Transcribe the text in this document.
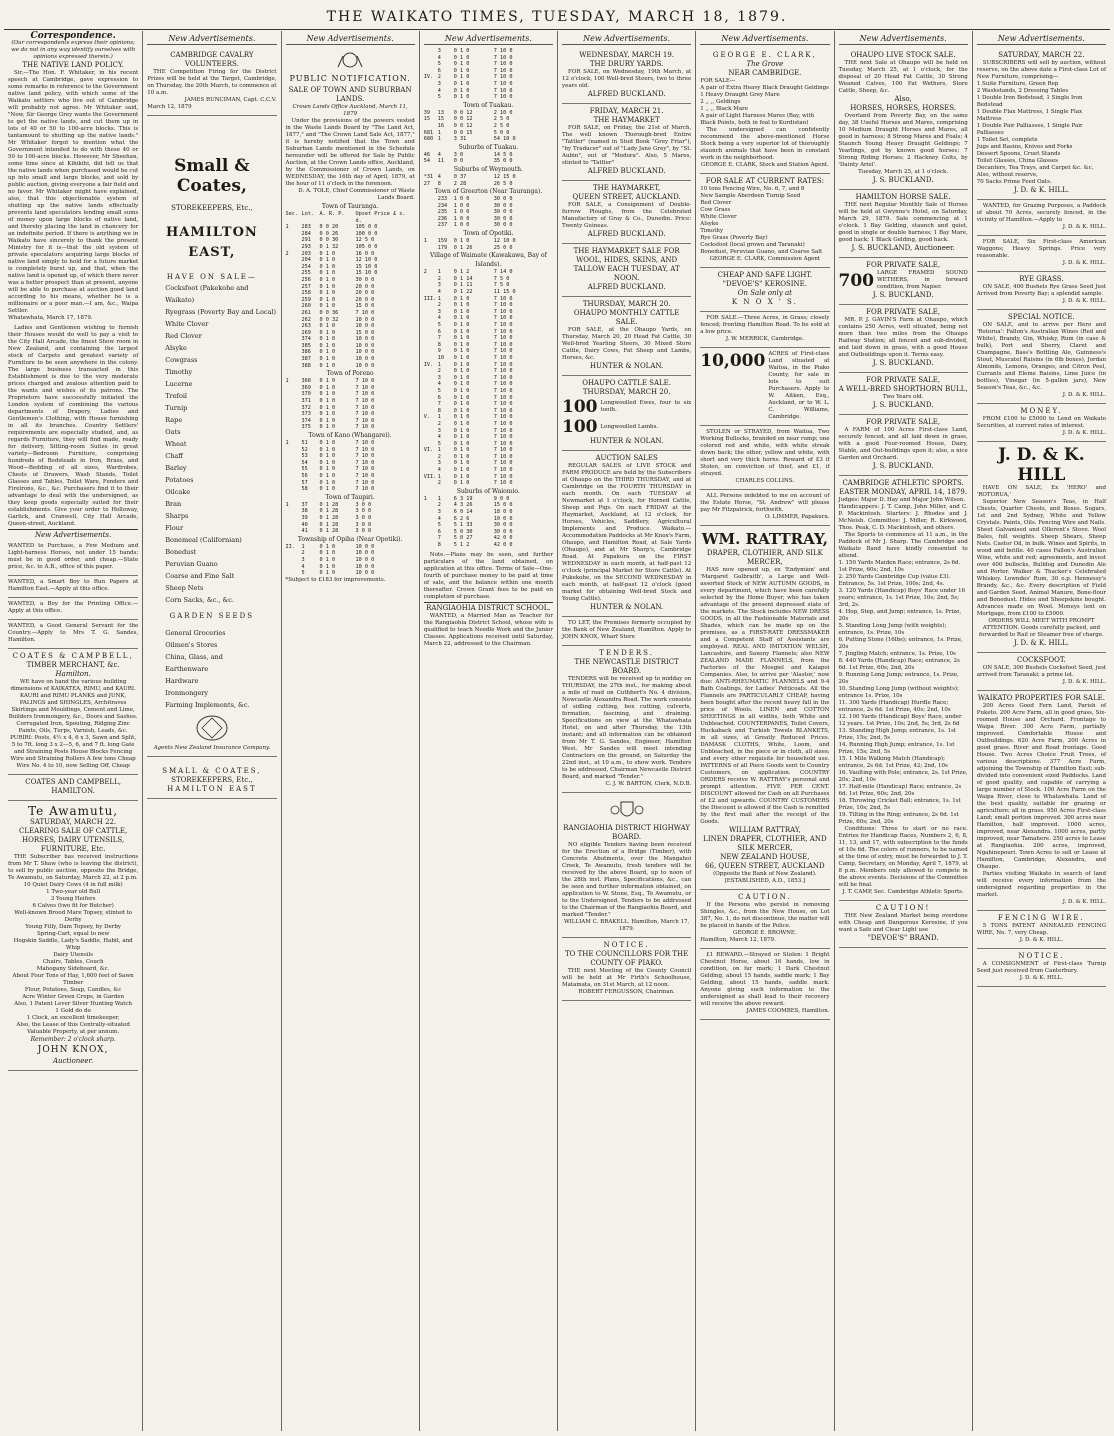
THE WAIKATO TIMES, TUESDAY, MARCH 18, 1879.
Correspondence.
(Our correspondents express their opinions; we do not in any way identify ourselves with opinions expressed therein.)
THE NATIVE LAND POLICY.
Sir,—The Hon. F. Whitaker, in his recent speech at Cambridge, gave expression to some remarks in reference to the Government native land policy, with which some of the Waikato settlers who live out of Cambridge will probably not agree. Mr Whitaker said, "Now, Sir George Grey wants the Government to get the native lands, and cut them up in lots of 40 or 50 to 100-acre blocks. This is tantamount to shutting up the native lands." Mr Whitaker forgot to mention what the Government intended to do with these 40 or 50 to 100-acre blocks. However, Mr Sheehan, some time since at Kihikihi, did tell us that the native lands when purchased would be cut up into small and large blocks, and sold by public auction, giving everyone a fair field and no favor. Mr Whitaker might have explained, also, that this objectionable system of shutting up the native lands effectually prevents land speculators lending small sums of money upon large blocks of native land, and thereby placing the land in chancery for an indefinite period. If there is anything we in Waikato have sincerely to thank the present Ministry for it is—that the old system of private speculators acquiring large blocks of native land simply to hold for a future market is completely burst up, and that, when the native land is opened up, of which there never was a better prospect than at present, anyone will be able to purchase at auction good land according to his means, whether he is a millionaire or a poor man.—I am, &c., Waipa Settler.
Whatawhata, March 17, 1879.
Ladies and Gentlemen wishing to furnish their Houses would do well to pay a visit to the City Hall Arcade, the finest Show room in New Zealand, and containing the largest stock of Carpets and greatest variety of Furniture to be seen anywhere in the colony. The large business transacted in this Establishment is due to the very moderate prices charged and zealous attention paid to the wants and wishes of its patrons. The Proprietors have successfully initiated the London system of combining the various departments of Drapery, Ladies and Gentlemen's Clothing, with House furnishing in all its branches. Country Settlers' requirements are especially studied, and, as regards Furniture, they will find made, ready for delivery, Sitting-room Suites in great variety—Bedroom Furniture, comprising hundreds of Bedsteads in Iron, Brass, and Wood—Bedding of all sizes, Wardrobes, Chests of Drawers, Wash Stands, Toilet Glasses and Tables, Toilet Ware, Fenders and Firelrons, &c., &c. Purchasers find it to their advantage to deal with the undersigned, as they keep goods especially suited for their establishments. Give your order to Holloway, Garlick, and Cranwell, City Hall Arcade, Queen-street, Auckland.
New Advertisements.
WANTED to Purchase, a Few Medium and Light-harness Horses, not under 15 hands; must be in good order, and cheap.—State price, &c. to A.B., office of this paper.
WANTED, a Smart Boy to Run Papers at Hamilton East.—Apply at this office.
WANTED, a Boy for the Printing Office.—Apply at this office.
WANTED, a Good General Servant for the Country.—Apply to Mrs T. G. Sandes, Hamilton.
COATES & CAMPBELL,
TIMBER MERCHANT, &c.
Hamilton.
WE have on hand the various building dimensions of KAIKATEA, RIMU, and KAURI. KAURI and RIMU PLANKS and JUNK, PALINGS and SHINGLES, Architraves Skirtings and Mouldings, Cement and Lime, Builders Ironmongery, &c., Doors and Sashes. Corrugated Iron, Spouting, Ridging Zinc Paints, Oils, Turps, Varnish, Leads, &c. PURIRI: Posts, 4½ x 4, 6 x 3, Sawn and Split, 5 to 7ft. long 3 x 2—5, 6, and 7 ft. long Gate and Straining Posts House Blocks Fencing Wire and Straining Rollers A few tons Cheap Wire No. 4 to 10, now Selling Off, Cheap
COATES AND CAMPBELL, HAMILTON.
Te Awamutu,
SATURDAY, MARCH 22.
CLEARING SALE OF CATTLE, HORSES, DAIRY UTENSILS, FURNITURE, Etc.
THE Subscriber has received instructions from Mr T. Shaw (who is leaving the district), to sell by public auction, opposite the Bridge, Te Awamutu, on Saturday, March 22, at 2 p.m.
10 Quiet Dairy Cows (4 in full milk)
1 Two-year old Bull
3 Young Heifers
6 Calves (two fit for Butcher)
Well-known Brood Mare Topsey, stinted to Derby
Young Filly, Dam Topsey, by Derby
Spring-Cart, equal to new
Hogskin Saddle, Lady's Saddle, Habit, and Whip
Dairy Utensils
Chairs, Tables, Couch
Mahogany Sideboard, &c.
About Four Tons of Hay, 1,600 feet of Sawn Timber
Flour, Potatoes, Soap, Candles, &c
Acre Winter Green Crops, in Garden
Also, 1 Patent Lever Silver Hunting Watch
1 Gold do do
1 Clock, an excellent timekeeper,
Also, the Lease of this Centrally-situated Valuable Property, at per annum.
Remember: 2 o'clock sharp.
JOHN KNOX,
Auctioneer.
New Advertisements.
CAMBRIDGE CAVALRY VOLUNTEERS.
THE Competition Firing for the District Prizes will be held at the Target, Cambridge, on Thursday, the 20th March, to commence at 10 a.m.
JAMES RUNCIMAN, Capt. C.C.V.
March 12, 1879
Small & Coates,
STOREKEEPERS, Etc.,
HAMILTON EAST,
HAVE ON SALE—
Cocksfoot (Pakekohe and Waikato)
Ryegrass (Poverty Bay and Local)
White Clover
Red Clover
Alsyke
Cowgrass
Timothy
Lucerne
Trefoil
Turnip
Rape
Oats
Wheat
Chaff
Barley
Potatoes
Oilcake
Bran
Sharps
Flour
Bonemeal (Californian)
Bonedust
Peruvian Guano
Coarse and Fine Salt
Sheep Nets
Corn Sacks, &c., &c.
GARDEN SEEDS
General Groceries
Oilmen's Stores
China, Glass, and
Earthenware
Hardware
Ironmongery
Farming Implements, &c.
Agents New Zealand Insurance Company.
SMALL & COATES,
STOREKEEPERS, Etc.,
HAMILTON EAST
New Advertisements.
PUBLIC NOTIFICATION.
SALE OF TOWN AND SUBURBAN LANDS.
Crown Lands Office Auckland, March 11, 1879
Under the provisions of the powers vested in the Waste Lands Board by "The Land Act, 1877," and "The Crown Land Sale Act, 1877," it is hereby notified that the Town and Suburban Lands mentioned in the Schedule hereunder will be offered for Sale by Public Auction, at the Crown Lands office, Auckland, by the Commissioner of Crown Lands, on WEDNESDAY, the 16th day of April, 1879, at the hour of 11 o'clock in the forenoon.
D. A. TOLE, Chief Commissioner of Waste Lands Board.
Town of Tauranga.
Sec. Lot.	A. R. P.	Upset Price £ s. d.
1	283	0 0 20	105 0 0
284	0 0 26	100 0 0
291	0 0 30	12 5 0
293	0 1 32	105 0 0
2	203	0 1 0	16 0 0
204	0 1 0	12 10 0
254	0 1 0	15 10 0
255	0 1 0	15 10 0
256	0 1 0	30 0 0
257	0 1 0	20 0 0
258	0 1 0	20 0 0
259	0 1 0	20 0 0
260	0 1 0	15 0 0
261	0 0 36	7 10 0
262	0 0 32	10 0 0
263	0 1 0	10 0 0
269	0 1 0	15 0 0
374	0 1 0	10 0 0
385	0 1 0	10 0 0
386	0 1 0	10 0 0
387	0 1 0	10 0 0
388	0 1 0	10 0 0
Town of Poreno
1	368	0 1 0	7 10 0
369	0 1 0	7 10 0
370	0 1 0	7 10 0
371	0 1 0	7 10 0
372	0 1 0	7 10 0
373	0 1 0	7 10 0
374	0 1 0	7 10 0
375	0 1 0	7 10 0
Town of Kano (Whangarei).
1	51	0 1 0	7 10 0
52	0 1 0	7 10 0
53	0 1 0	7 10 0
54	0 1 0	7 10 0
55	0 1 0	7 10 0
56	0 1 0	7 10 0
57	0 1 0	7 10 0
58	0 1 0	7 10 0
Town of Taupiri.
1	37	0 1 28	3 0 0
38	0 1 28	3 0 0
39	0 1 28	3 0 0
40	0 1 28	3 0 0
41	0 1 28	3 0 0
Township of Opiha (Near Opotiki).
II.	1	0 1 0	10 0 0
2	0 1 0	10 0 0
3	0 1 0	10 0 0
4	0 1 0	10 0 0
5	0 1 0	10 0 0
*Subject to £183 for improvements.
New Advertisements.
3	0 1 0	7 10 0
4	0 1 0	7 10 0
5	0 1 0	7 10 0
6	0 1 0	7 10 0
IV. 2	0 1 0	7 10 0
3	0 1 0	7 10 0
4	0 1 0	7 10 0
5	0 1 0	7 10 0
Town of Tuakau.
39	13	0 0 12	2 10 0
15	15	0 0 12	2 5 0
16	0 0 12	2 5 0
681 1	0 0 15	5 0 0
680 1	3 31	54 10 0
Suburbs of Tuakau.
46	4	3 0	14 5 0
54	11	0 0	35 0 0
Suburbs of Weymouth.
*31 4	0 37	12 15 0
27	8	2 28	26 5 0
Town of Greerton (Near Tauranga).
233	1 0 0	30 0 0
234	1 0 0	30 0 0
235	1 0 0	30 0 0
236	1 0 0	30 0 0
237	1 0 0	30 0 0
Town of Opotiki.
1	159	0 1 0	12 10 0
179	0 1 26	25 0 0
Village of Waimate (Kawakawa, Bay of Islands).
2	1	0 1 2	7 14 0
2	0 1 14	7 5 0
3	0 1 11	7 5 0
4	0 1 22	11 15 0
III. 1	0 1 0	7 10 0
2	0 1 0	7 10 0
3	0 1 0	7 10 0
4	0 1 0	7 10 0
5	0 1 0	7 10 0
6	0 1 0	7 10 0
7	0 1 0	7 10 0
8	0 1 0	7 10 0
9	0 1 0	7 10 0
10	0 1 0	7 10 0
IV. 1	0 1 0	7 10 0
2	0 1 0	7 10 0
3	0 1 0	7 10 0
4	0 1 0	7 10 0
5	0 1 0	7 10 0
6	0 1 0	7 10 0
7	0 1 0	7 10 0
8	0 1 0	7 10 0
V.	1	0 1 0	7 10 0
2	0 1 0	7 10 0
3	0 1 0	7 10 0
4	0 1 0	7 10 0
5	0 1 0	7 10 0
VI. 1	0 1 0	7 10 0
2	0 1 0	7 10 0
3	0 1 0	7 10 0
4	0 1 0	7 10 0
VII. 1	0 1 0	7 10 0
2	0 1 0	7 10 0
Suburbs of Waiomio.
1	1	6 3 19	9 0 0
2	4 3 26	15 0 0
3	6 0 14	18 0 0
4	6 2 6	10 0 0
5	5 1 33	30 0 0
6	5 0 30	30 0 0
7	5 0 27	42 0 0
8	5 1 2	42 0 0
Note.—Plans may be seen, and further particulars of the land obtained, on application at this office. Terms of Sale—One-fourth of purchase money to be paid at time of sale, and the balance within one month thereafter. Crown Grant fees to be paid on completion of purchase.
RANGIAOHIA DISTRICT SCHOOL.
WANTED, a Married Man as Teacher for the Rangiaohia District School, whose wife is qualified to teach Needle Work and the Junior Classes. Applications received until Saturday, March 22, addressed to the Chairman.
New Advertisements.
WEDNESDAY, MARCH 19.
THE DRURY YARDS.
FOR SALE, on Wednesday, 19th March, at 12 o'clock, 100 Well-bred Steers, two to three years old.
ALFRED BUCKLAND.
FRIDAY, MARCH 21.
THE HAYMARKET
FOR SALE, on Friday, the 21st of March, The well known Thorough-bred Entire "Tattler" (named in Stud Book "Grey Friar"), "by Traducer" out of "Lady Jane Grey", by "St. Aubin", out of "Medora". Also, 5 Mares, stinted to "Tattler"
ALFRED BUCKLAND.
THE HAYMARKET,
QUEEN STREET, AUCKLAND.
FOR SALE, a Consignment of Double-furrow Ploughs, from the Celebrated Manufactory of Gray & Co., Dunedin. Price: Twenty Guineas.
ALFRED BUCKLAND.
THE HAYMARKET SALE FOR WOOL, HIDES, SKINS, AND TALLOW EACH TUESDAY, AT NOON.
ALFRED BUCKLAND.
THURSDAY, MARCH 20.
OHAUPO MONTHLY CATTLE SALE.
FOR SALE, at the Ohaupo Yards, on Thursday, March 20, 20 Head Fat Cattle, 30 Well-bred Yearling Steers, 30 Mixed Store Cattle, Dairy Cows, Fat Sheep and Lambs, Horses, &c.
HUNTER & NOLAN.
OHAUPO CATTLE SALE.
THURSDAY, MARCH 20.
100 Longwoolled Ewes, four to six tooth.
100 Longwoolled Lambs.
HUNTER & NOLAN.
AUCTION SALES
REGULAR SALES of LIVE STOCK and FARM PRODUCE are held by the Subscribers at Ohaupo on the THIRD THURSDAY, and at Cambridge on the FOURTH THURSDAY in each month. On each TUESDAY at Newmarket at 1 o'clock, for Horned Cattle, Sheep and Pigs. On each FRIDAY at the Haymarket, Auckland, at 12 o'clock, for Horses, Vehicles, Saddlery, Agricultural Implements and Produce. Waikato.—Accommodation Paddocks at Mr Knox's Farm, Ohaupo, and Hamilton Road, at Sale Yards (Ohaupo), and at Mr Sharp's, Cambridge Road. At Papakura on the FIRST WEDNESDAY in each month, at half-past 12 o'clock (principal Market for Store Cattle). At Pukekohe, on the SECOND WEDNESDAY in each month, at half-past 12 o'clock (good market for obtaining Well-bred Stock and Young Cattle).
HUNTER & NOLAN.
TO LET, the Premises formerly occupied by the Bank of New Zealand, Hamilton. Apply to JOHN KNOX, Wharf Store
TENDERS.
THE NEWCASTLE DISTRICT BOARD.
TENDERS will be received up to midday on THURSDAY, the 27th inst., for making about a mile of road on Cuthbert's No. 4 division, Newcastle Alexandra Road. The work consists of sidling cutting, box cutting, culverts, formation, fascining, and draining. Specifications on view at the Whatawhata Hotel, on and after Thursday, the 13th instant; and all information can be obtained from Mr T. G. Sandes, Engineer, Hamilton West. Mr Sandes will meet intending Contractors on the ground, on Saturday the 22nd inst., at 10 a.m., to show work. Tenders to be addressed, Chairman Newcastle District Board, and marked "Tender."
C. J. W. BARTON, Clerk, N.D.B.
RANGIAOHIA DISTRICT HIGHWAY BOARD.
NO eligible Tenders having been received for the Erection of a Bridge (Timber), with Concrete Abutments, over the Mangahoi Creek, Te Awamutu, fresh tenders will be received by the above Board, up to noon of the 28th inst. Plans, Specifications, &c., can be seen and further information obtained, on application to W. Stone, Esq., Te Awamutu, or to the Undersigned. Tenders to be addressed to the Chairman of the Rangiaohia Board, and marked "Tender."
WILLIAM C. BRAKELL. Hamilton, March 17, 1879.
NOTICE.
TO THE COUNCILLORS FOR THE COUNTY OF PIAKO.
THE next Meeting of the County Council will be held at Mr Firth's Schoolhouse, Matamata, on 31st March, at 12 noon.
ROBERT FERGUSSON, Chairman.
New Advertisements.
GEORGE E. CLARK,
The Grove
NEAR CAMBRIDGE.
FOR SALE—
A pair of Extra Heavy Black Draught Geldings
1 Heavy Draught Grey Mare
2 ,, ,, Geldings
1 ,, ,, Black Mare
A pair of Light Harness Mares (Bay, with Black Points, both in foal to Kurdistan)
The undersigned can confidently recommend the above-mentioned Horse Stock being a very superior lot of thoroughly staunch animals that have been in constant work in the neighborhood.
GEORGE E. CLARK, Stock and Station Agent.
FOR SALE AT CURRENT RATES:
10 tons Fencing Wire, No. 6, 7, and 8
New Sample Aberdeen Turnip Seed
Red Clover
Cow Grass
White Clover
Alsyke
Timothy
Rye Grass (Poverty Bay)
Cocksfoot (local grown and Taranaki)
Bonedust, Peruvian Guano, and Coarse Salt
GEORGE E. CLARK, Commission Agent
CHEAP AND SAFE LIGHT.
"DEVOE'S" KEROSINE.
On Sale only at
K N O X ' S.
FOR SALE.—Three Acres, in Grass; closely fenced; fronting Hamilton Road. To be sold at a low price.
J. W. MERRICK, Cambridge.
10,000 ACRES of First-class Land situated at Waitoa, in the Piako County, for sale in lots to suit Purchasers. Apply to W. Aitken, Esq., Auckland, or to W. L. C. Williams, Cambridge.
STOLEN or STRAYED, from Waitoa, Two Working Bullocks, branded on near rump; one colored red and white, with white streak down back; the other, yellow and white, with short and very thick horns. Reward of £3 if Stolen, on conviction of thief, and £1, if strayed.
CHARLES COLLINS.
ALL Persons indebted to me on account of the Estate Horse, "St. Andrew" will please pay Mr Fitzpatrick, forthwith.
O. LIMMER, Papakura.
WM. RATTRAY,
DRAPER, CLOTHIER, AND SILK MERCER,
HAS now opened up, ex 'Endymion' and 'Margaret Galbraith', a Large and Well-assorted Stock of NEW AUTUMN GOODS, in every department, which have been carefully selected by the Home Buyer, who has taken advantage of the present depressed state of the markets. The Stock includes NEW DRESS GOODS, in all the Fashionable Materials and Shades, which can be made up on the premises, as a FIRST-RATE DRESSMAKER and a Competent Staff of Assistants are employed. REAL AND IMITATION WELSH, Lancashire, and Saxony Flannels; also NEW ZEALAND MADE FLANNELS, from the Factories of the Mosgiel and Kaiapoi Companies. Also, to arrive per 'Alastor,' now due: ANTI-RHEUMATIC FLANNELS and 9-4 Bath Coatings, for Ladies' Petticoats. All the Flannels are PARTICULARLY CHEAP, having been bought after the recent heavy fall in the price of Wools. LINEN and COTTON SHEETINGS in all widths, both White and Unbleached. COUNTERPANES, Toilet Covers, Huckaback and Turkish Towels BLANKETS, in all sizes, at Greatly Reduced Prices. DAMASK CLOTHS, White, Loom, and Unbleached, in the piece or in cloth, all sizes; and every other requisite for household use. PATTERNS of all Piece Goods sent to Country Customers, on application. COUNTRY ORDERS receive W. RATTRAY's personal and prompt attention. FIVE PER CENT. DISCOUNT allowed for Cash on all Purchases of £2 and upwards. COUNTRY CUSTOMERS the Discount is allowed if the Cash is remitted by the first mail after the receipt of the Goods.
WILLIAM RATTRAY,
LINEN DRAPER, CLOTHIER, AND SILK MERCER,
NEW ZEALAND HOUSE,
66, QUEEN STREET, AUCKLAND
(Opposite the Bank of New Zealand).
[ESTABLISHED, A.D., 1853.]
CAUTION.
If the Persons who persist in removing Shingles, &c., from the New House, on Lot 387, No. 1, do not discontinue, the matter will be placed in hands of the Police.
GEORGE E. BROWNE.
Hamilton, March 12, 1879.
£1 REWARD.—Strayed or Stolen: 1 Bright Chestnut Horse, about 16 hands, low in condition, on far mark; 1 Dark Chestnut Gelding, about 15 hands, saddle mark; 1 Bay Gelding, about 15 hands, saddle mark. Anyone giving such information to the undersigned as shall lead to their recovery will receive the above reward.
JAMES COOMBES, Hamilton.
New Advertisements.
OHAUPO LIVE STOCK SALE.
THE next Sale at Ohaupo will be held on Tuesday, March 25, at 1 o'clock, for the disposal of 20 Head Fat Cattle, 30 Strong Weaned Calves, 100 Fat Wethers, Store Cattle, Sheep, &c.
Also,
HORSES, HORSES, HORSES.
Overland from Poverty Bay, on the same day, 38 Useful Horses and Mares, comprising 10 Medium Draught Horses and Mares, all good in harness; 8 Strong Mares and Foals; 4 Staunch Young Heavy Draught Geldings; 7 Yearlings, got by known good horses; 7 Strong Riding Horses; 2 Hackney Colts, by 'Dainty Ariel'.
Tuesday, March 25, at 1 o'clock.
J. S. BUCKLAND.
HAMILTON HORSE SALE.
THE next Regular Monthly Sale of Horses will be held at Gwynne's Hotel, on Saturday, March 29, 1879. Sale commencing at 1 o'clock. 1 Bay Gelding, staunch and quiet, good in single or double harness; 1 Bay Mare, good hack; 1 Black Gelding, good hack.
J. S. BUCKLAND, Auctioneer.
FOR PRIVATE SALE,
700 LARGE FRAMED SOUND WETHERS, in forward condition, from Napier.
J. S. BUCKLAND.
FOR PRIVATE SALE,
MR. P. J. GAVIN'S Farm at Ohaupo, which contains 250 Acres, well situated, being not more than two miles from the Ohaupo Railway Station; all fenced and sub-divided, and laid down in grass, with a good House and Outbuildings upon it. Terms easy.
J. S. BUCKLAND.
FOR PRIVATE SALE,
A WELL-BRED SHORTHORN BULL,
Two Years old.
J. S. BUCKLAND.
FOR PRIVATE SALE,
A FARM of 100 Acres First-class Land, securely fenced, and all laid down in grass, with a good Four-roomed House, Dairy, Stable, and Out-buildings upon it; also, a nice Garden and Orchard.
J. S. BUCKLAND.
CAMBRIDGE ATHLETIC SPORTS.
EASTER MONDAY, APRIL 14, 1879.
Judges: Major D. Hay and Major John Wilson.
Handicappers: J. T. Camp, John Miller, and C. P. Mackintosh. Starters: J. Rhodes and J. McNeish. Committee: J. Miller, R. Kirkwood, Thos. Peak, C. D. Mackintosh, and others.
The Sports to commence at 11 a.m., in the Paddock of Mr J. Sharp. The Cambridge and Waikato Band have kindly consented to attend.
1. 150 Yards Maiden Race; entrance, 2s 6d. 1st Prize, 60s; 2nd, 10s
2. 250 Yards Cambridge Cup (value £3). Entrance, 5s. 1st Prize, 100s; 2nd, 4s.
3. 120 Yards (Handicap) Boys' Race under 16 years; entrance, 1s. 1st Prize, 10s; 2nd, 5s; 3rd, 2s.
4. Hop, Step, and Jump; entrance, 1s. Prize, 20s
5. Standing Long Jump (with weights); entrance, 1s. Prize, 10s
6. Putting Stone (16lbs); entrance, 1s. Prize, 20s
7. Jingling Match; entrance, 1s. Prize, 10s
8. 440 Yards (Handicap) Race; entrance, 2s 6d. 1st Prize, 60s; 2nd, 20s
9. Running Long Jump; entrance, 1s. Prize, 20s
10. Standing Long Jump (without weights); entrance 1s. Prize, 10s
11. 300 Yards (Handicap) Hurdle Race; entrance, 2s 6d. 1st Prize, 40s; 2nd, 10s
12. 100 Yards (Handicap) Boys' Race, under 12 years. 1st Prize, 10s; 2nd, 5s; 3rd, 2s 6d
13. Standing High Jump; entrance, 1s. 1st Prize, 15s; 2nd, 5s
14. Running High Jump; entrance, 1s. 1st Prize, 15s; 2nd, 5s
15. 1 Mile Walking Match (Handicap); entrance, 2s 6d. 1st Prize, 42; 2nd, 10s
16. Vaulting with Pole; entrance, 2s. 1st Prize, 20s; 2nd, 10s
17. Half-mile (Handicap) Race; entrance, 2s 6d. 1st Prize, 60s; 2nd, 20s
18. Throwing Cricket Ball; entrance, 1s. 1st Prize, 10s; 2nd, 5s
19. Tilting in the Ring; entrance, 2s 6d. 1st Prize, 60s; 2nd, 20s
Conditions: Three to start or no race. Entries for Handicap Races, Numbers 2, 6, 8, 11, 13, and 17, with subscription to the funds of 10s 6d. The colors of runners, to be named at the time of entry, must be forwarded to J. T. Camp, Secretary, on Monday, April 7, 1879, at 8 p.m. Members only allowed to compete in the above events. Decisions of the Committee will be final.
J. T. CAMP, Sec. Cambridge Athletic Sports.
CAUTION!
THE New Zealand Market being overdone with Cheap and Dangerous Kerosine, if you want a Safe and Clear Light use
"DEVOE'S" BRAND.
New Advertisements.
SATURDAY, MARCH 22.
SUBSCRIBERS will sell by auction, without reserve, on the above date a First-class Lot of New Furniture, comprising—
1 Suite Furniture, Green Rep
2 Washstands, 2 Dressing Tables
1 Double Iron Bedstead, 1 Single Iron Bedstead
1 Double Flax Mattress, 1 Single Flax Mattress
1 Double Pair Palliasses, 1 Single Pair Palliasses
1 Toilet Set, complete
Jugs and Basins, Knives and Forks
Dessert Spoons, Cruet Stands
Toilet Glasses, China Glasses
Decanters, Tea Trays, and Carpet &c. &c.
Also, without reserve,
70 Sacks Prime Feed Oats.
J. D. & K. HILL.
WANTED, for Grazing Purposes, a Paddock of about 70 Acres, securely fenced, in the vicinity of Hamilton.—Apply to
J. D. & K. HILL.
FOR SALE, Six First-class American Waggons; Heavy Springs. Price very reasonable.
J. D. & K. HILL.
RYE GRASS.
ON SALE, 400 Bushels Rye Grass Seed Just Arrived from Poverty Bay; a splendid sample.
J. D. & K. HILL.
SPECIAL NOTICE.
ON SALE, and to arrive per Hero and 'Rotorua': Fallon's Australian Wines (Red and White), Brandy, Gin, Whisky, Rum (in case & bulk), Port and Sherry, Claret and Champagne, Bass's Bottling Ale, Guinness's Stout, Muscatel Raisins (in 6lb boxes), Jordan Almonds, Lemons, Oranges, and Citron Peel, Currants and Eleme Raisins, Lime Juice (in bottles), Vinegar (in 5-gallon jars), New Season's Teas, &c., &c.
J. D. & K. HILL.
MONEY.
FROM £100 to £5000 to Lend on Waikato Securities, at current rates of interest.
J. D. & K. HILL.
J. D. & K. HILL
HAVE ON SALE, Ex 'HERO' and 'ROTORUA,'
Superior New Season's Teas, in Half Chests, Quarter Chests, and Boxes. Sugars, 1st and 2nd Sydney, White and Yellow Crystals. Paints, Oils. Fencing Wire and Nails. Sheet Galvanised and Ollerent's Stove. Wool Bales, full weights. Sheep Shears, Sheep Nets. Castor Oil, in bulk. Wines and Spirits, in wood and bottle. 40 cases Fallon's Australian Wine, white and red; agreements, and invest over 400 bullocks, Bulldog and Dunedin Ale and Porter. Walker & Thacker's Celebrated Whiskey. Lowndes' Rum, 30 o.p. Hennessy's Brandy, &c., &c. Every description of Field and Garden Seed. Animal Manure, Bone-flour and Bonedust. Hides and Sheepskins bought. Advances made on Wool. Moneys lent on Mortgage, from £100 to £5000.
ORDERS WILL MEET WITH PROMPT ATTENTION. Goods carefully packed, and forwarded to Rail or Steamer free of charge.
J. D. & K. HILL.
COCKSFOOT.
ON SALE, 300 Bushels Cocksfoot Seed, just arrived from Taranaki; a prime lot.
J. D. & K. HILL.
WAIKATO PROPERTIES FOR SALE.
200 Acres Good Fern Land, Parish of Puketo. 200 Acre Farm, all in good grass, Six-roomed House and Orchard. Frontage to Waipa River. 300 Acre Farm, partially improved. Comfortable House and Outbuildings. 620 Acre Farm, 200 Acres in good grass. River and Road frontage. Good House. Two Acres Choice Fruit Trees, of various descriptions. 377 Acre Farm, adjoining the Township of Hamilton East; sub-divided into convenient sized Paddocks. Land of good quality, and capable of carrying a large number of Stock. 100 Acre Farm on the Waipa River, close to Whatawhata. Land of the best quality, suitable for grazing or agriculture; all in grass. 950 Acres First-class Land; small portion improved. 300 acres near Hamilton, half improved. 1000 acres, improved, near Alexandra. 1000 acres, partly improved, near Tamahere. 250 acres to Lease at Rangiaohia. 200 acres, improved, Ngahinepouri. Town Acres to sell or Lease at Hamilton, Cambridge, Alexandra, and Ohaupo.
Parties visiting Waikato in search of land will receive every information from the undersigned regarding properties in the market.
J. D. & K. HILL.
FENCING WIRE.
5 TONS PATENT ANNEALED FENCING WIRE, No. 7, very Cheap.
J. D. & K. HILL.
NOTICE.
A CONSIGNMENT of First-class Turnip Seed just received from Canterbury.
J. D. & K. HILL.
